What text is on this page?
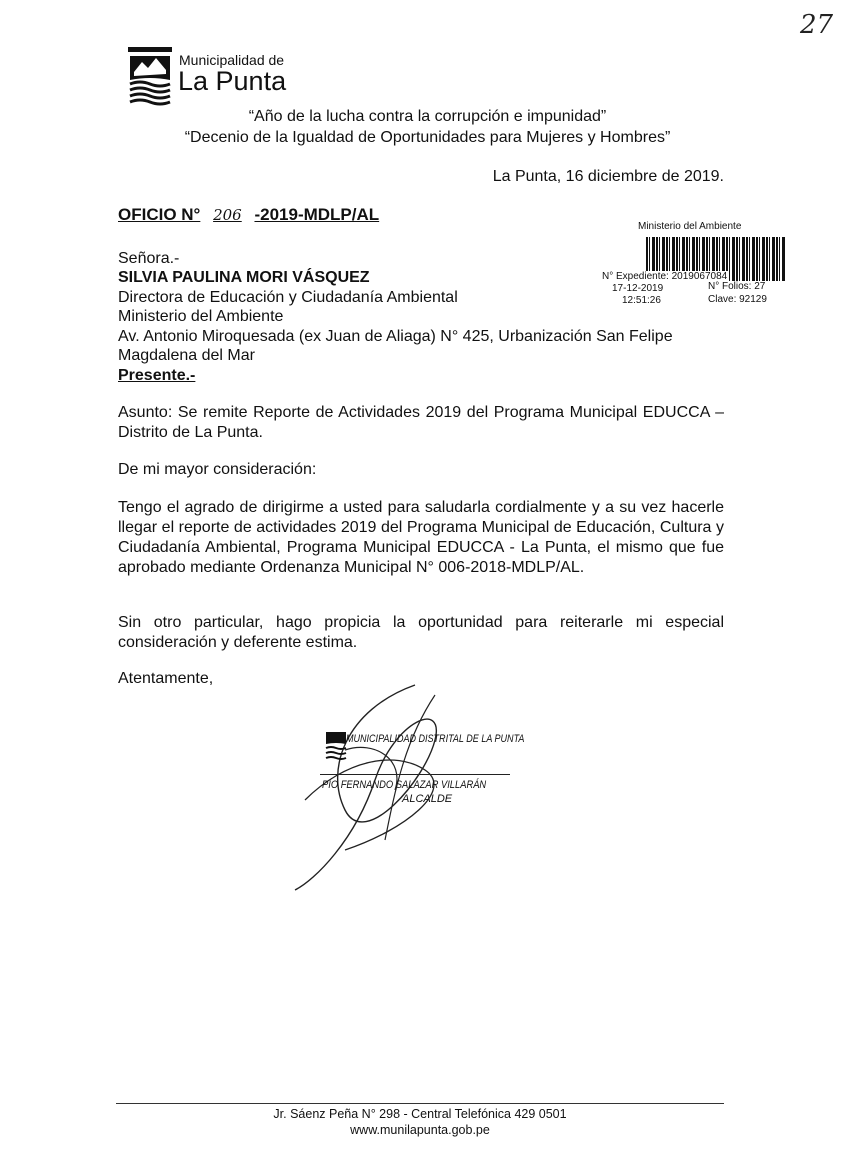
27
Municipalidad de
La Punta
“Año de la lucha contra la corrupción e impunidad”
“Decenio de la Igualdad de Oportunidades para Mujeres y Hombres”
La Punta, 16 diciembre de 2019.
OFICIO N° 206 -2019-MDLP/AL
Ministerio del Ambiente
N° Expediente: 2019067084
17-12-2019
12:51:26
N° Folios: 27
Clave: 92129
Señora.-
SILVIA PAULINA MORI VÁSQUEZ
Directora de Educación y Ciudadanía Ambiental
Ministerio del Ambiente
Av. Antonio Miroquesada (ex Juan de Aliaga) N° 425, Urbanización San Felipe
Magdalena del Mar
Presente.-
Asunto: Se remite Reporte de Actividades 2019 del Programa Municipal EDUCCA – Distrito de La Punta.
De mi mayor consideración:
Tengo el agrado de dirigirme a usted para saludarla cordialmente y a su vez hacerle llegar el reporte de actividades 2019 del Programa Municipal de Educación, Cultura y Ciudadanía Ambiental, Programa Municipal EDUCCA - La Punta, el mismo que fue aprobado mediante Ordenanza Municipal N° 006-2018-MDLP/AL.
Sin otro particular, hago propicia la oportunidad para reiterarle mi especial consideración y deferente estima.
Atentamente,
MUNICIPALIDAD DISTRITAL DE LA PUNTA
PÍO FERNANDO SALAZAR VILLARÁN
ALCALDE
Jr. Sáenz Peña N° 298 - Central Telefónica 429 0501
www.munilapunta.gob.pe
